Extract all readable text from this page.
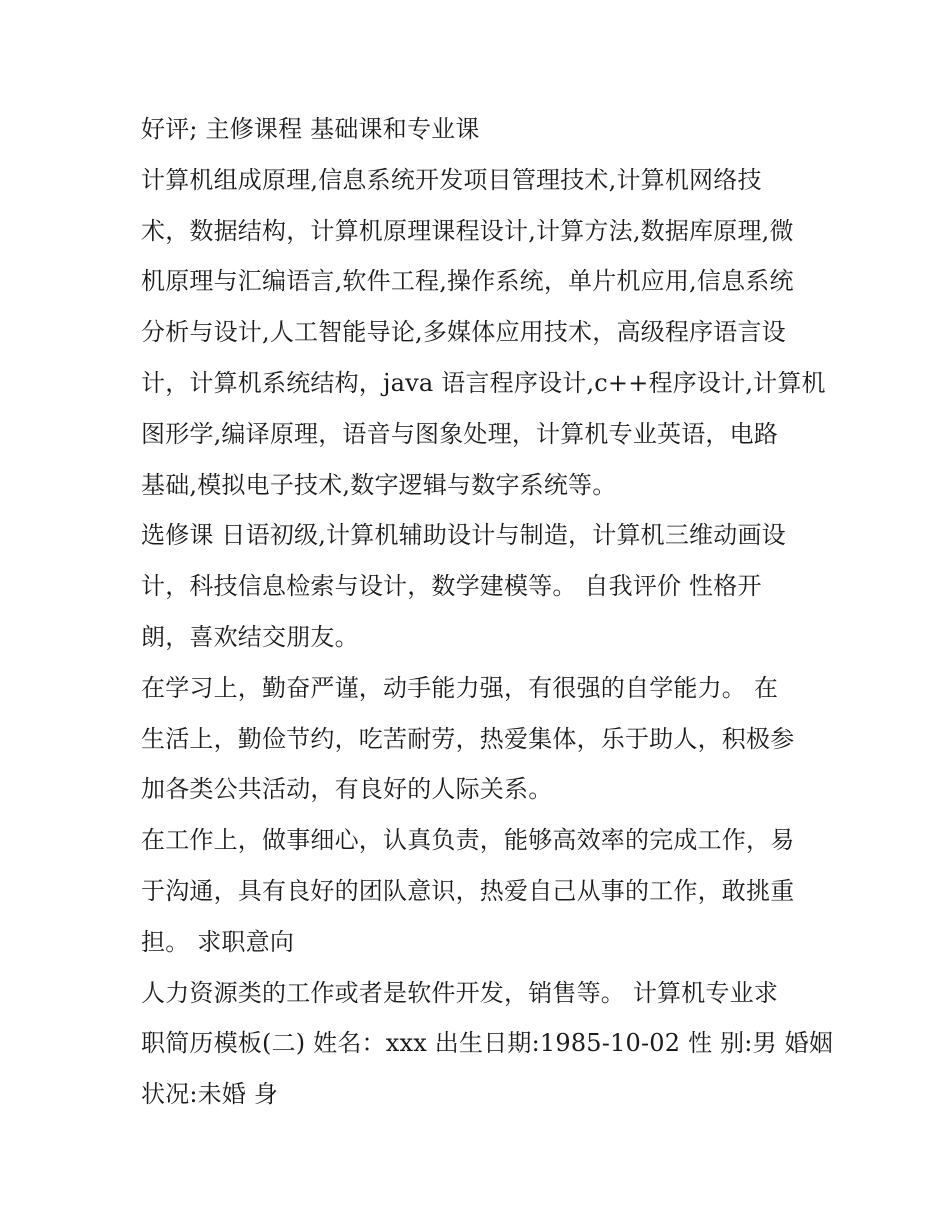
好评; 主修课程 基础课和专业课
计算机组成原理,信息系统开发项目管理技术,计算机网络技
术，数据结构，计算机原理课程设计,计算方法,数据库原理,微
机原理与汇编语言,软件工程,操作系统，单片机应用,信息系统
分析与设计,人工智能导论,多媒体应用技术，高级程序语言设
计，计算机系统结构，java 语言程序设计,c++程序设计,计算机
图形学,编译原理，语音与图象处理，计算机专业英语，电路
基础,模拟电子技术,数字逻辑与数字系统等。
选修课 日语初级,计算机辅助设计与制造，计算机三维动画设
计，科技信息检索与设计，数学建模等。 自我评价 性格开
朗，喜欢结交朋友。
在学习上，勤奋严谨，动手能力强，有很强的自学能力。 在
生活上，勤俭节约，吃苦耐劳，热爱集体，乐于助人，积极参
加各类公共活动，有良好的人际关系。
在工作上，做事细心，认真负责，能够高效率的完成工作，易
于沟通，具有良好的团队意识，热爱自己从事的工作，敢挑重
担。 求职意向
人力资源类的工作或者是软件开发，销售等。 计算机专业求
职简历模板(二) 姓名：xxx 出生日期:1985-10-02 性 别:男 婚姻
状况:未婚 身
